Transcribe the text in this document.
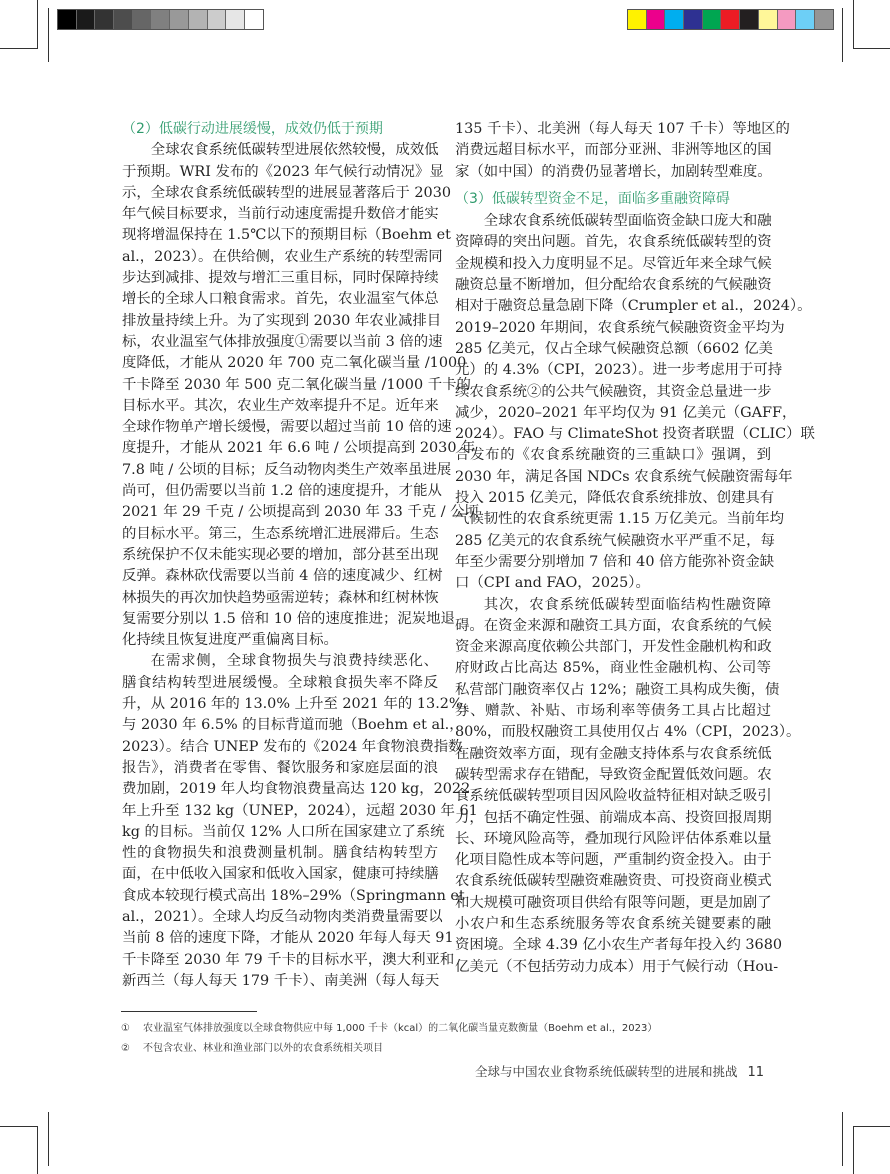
（2）低碳行动进展缓慢，成效仍低于预期
全球农食系统低碳转型进展依然较慢，成效低
于预期。WRI 发布的《2023 年气候行动情况》显
示，全球农食系统低碳转型的进展显著落后于 2030
年气候目标要求，当前行动速度需提升数倍才能实
现将增温保持在 1.5℃以下的预期目标（Boehm et
al.，2023）。在供给侧，农业生产系统的转型需同
步达到减排、提效与增汇三重目标，同时保障持续
增长的全球人口粮食需求。首先，农业温室气体总
排放量持续上升。为了实现到 2030 年农业减排目
标，农业温室气体排放强度①需要以当前 3 倍的速
度降低，才能从 2020 年 700 克二氧化碳当量 /1000
千卡降至 2030 年 500 克二氧化碳当量 /1000 千卡的
目标水平。其次，农业生产效率提升不足。近年来
全球作物单产增长缓慢，需要以超过当前 10 倍的速
度提升，才能从 2021 年 6.6 吨 / 公顷提高到 2030 年
7.8 吨 / 公顷的目标；反刍动物肉类生产效率虽进展
尚可，但仍需要以当前 1.2 倍的速度提升，才能从
2021 年 29 千克 / 公顷提高到 2030 年 33 千克 / 公顷
的目标水平。第三，生态系统增汇进展滞后。生态
系统保护不仅未能实现必要的增加，部分甚至出现
反弹。森林砍伐需要以当前 4 倍的速度减少、红树
林损失的再次加快趋势亟需逆转；森林和红树林恢
复需要分别以 1.5 倍和 10 倍的速度推进；泥炭地退
化持续且恢复进度严重偏离目标。
在需求侧，全球食物损失与浪费持续恶化、
膳食结构转型进展缓慢。全球粮食损失率不降反
升，从 2016 年的 13.0% 上升至 2021 年的 13.2%，
与 2030 年 6.5% 的目标背道而驰（Boehm et al.，
2023）。结合 UNEP 发布的《2024 年食物浪费指数
报告》，消费者在零售、餐饮服务和家庭层面的浪
费加剧，2019 年人均食物浪费量高达 120 kg，2022
年上升至 132 kg（UNEP，2024），远超 2030 年 61
kg 的目标。当前仅 12% 人口所在国家建立了系统
性的食物损失和浪费测量机制。膳食结构转型方
面，在中低收入国家和低收入国家，健康可持续膳
食成本较现行模式高出 18%–29%（Springmann et
al.，2021）。全球人均反刍动物肉类消费量需要以
当前 8 倍的速度下降，才能从 2020 年每人每天 91
千卡降至 2030 年 79 千卡的目标水平，澳大利亚和
新西兰（每人每天 179 千卡）、南美洲（每人每天
135 千卡）、北美洲（每人每天 107 千卡）等地区的
消费远超目标水平，而部分亚洲、非洲等地区的国
家（如中国）的消费仍显著增长，加剧转型难度。
（3）低碳转型资金不足，面临多重融资障碍
全球农食系统低碳转型面临资金缺口庞大和融
资障碍的突出问题。首先，农食系统低碳转型的资
金规模和投入力度明显不足。尽管近年来全球气候
融资总量不断增加，但分配给农食系统的气候融资
相对于融资总量急剧下降（Crumpler et al.，2024）。
2019–2020 年期间，农食系统气候融资资金平均为
285 亿美元，仅占全球气候融资总额（6602 亿美
元）的 4.3%（CPI，2023）。进一步考虑用于可持
续农食系统②的公共气候融资，其资金总量进一步
减少，2020–2021 年平均仅为 91 亿美元（GAFF，
2024）。FAO 与 ClimateShot 投资者联盟（CLIC）联
合发布的《农食系统融资的三重缺口》强调，到
2030 年，满足各国 NDCs 农食系统气候融资需每年
投入 2015 亿美元，降低农食系统排放、创建具有
气候韧性的农食系统更需 1.15 万亿美元。当前年均
285 亿美元的农食系统气候融资水平严重不足，每
年至少需要分别增加 7 倍和 40 倍方能弥补资金缺
口（CPI and FAO，2025）。
其次，农食系统低碳转型面临结构性融资障
碍。在资金来源和融资工具方面，农食系统的气候
资金来源高度依赖公共部门，开发性金融机构和政
府财政占比高达 85%，商业性金融机构、公司等
私营部门融资率仅占 12%；融资工具构成失衡，债
券、赠款、补贴、市场利率等债务工具占比超过
80%，而股权融资工具使用仅占 4%（CPI，2023）。
在融资效率方面，现有金融支持体系与农食系统低
碳转型需求存在错配，导致资金配置低效问题。农
食系统低碳转型项目因风险收益特征相对缺乏吸引
力，包括不确定性强、前端成本高、投资回报周期
长、环境风险高等，叠加现行风险评估体系难以量
化项目隐性成本等问题，严重制约资金投入。由于
农食系统低碳转型融资难融资贵、可投资商业模式
和大规模可融资项目供给有限等问题，更是加剧了
小农户和生态系统服务等农食系统关键要素的融
资困境。全球 4.39 亿小农生产者每年投入约 3680
亿美元（不包括劳动力成本）用于气候行动（Hou-
① 农业温室气体排放强度以全球食物供应中每 1,000 千卡（kcal）的二氧化碳当量克数衡量（Boehm et al.，2023）
② 不包含农业、林业和渔业部门以外的农食系统相关项目
全球与中国农业食物系统低碳转型的进展和挑战 11
